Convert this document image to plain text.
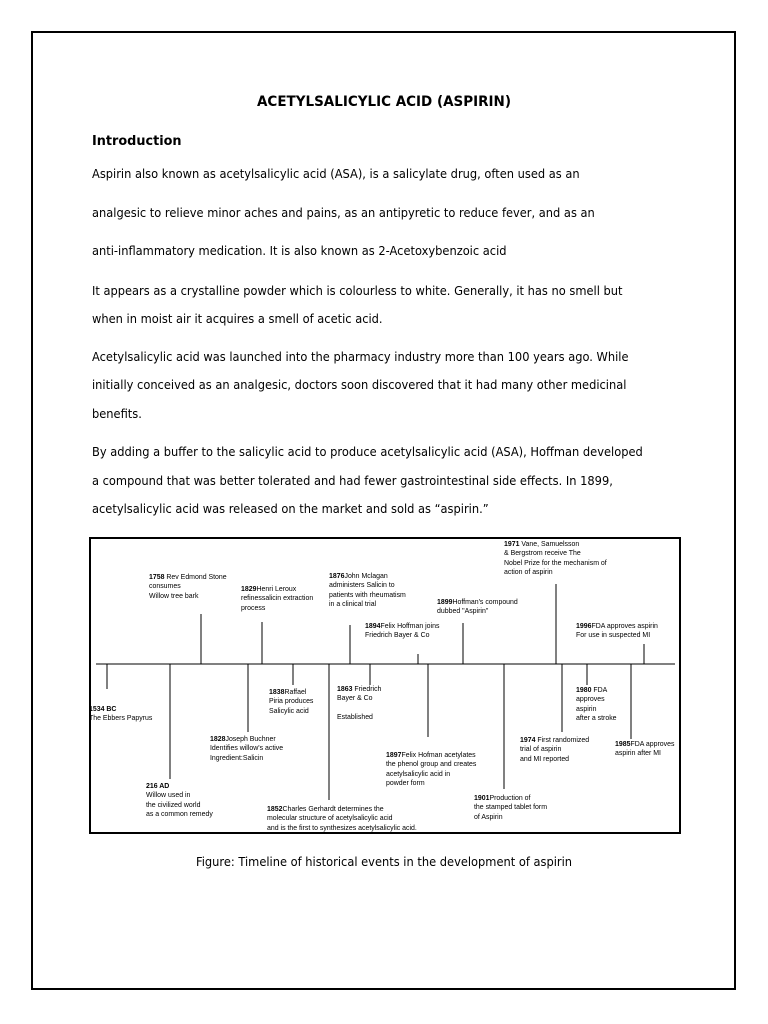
ACETYLSALICYLIC ACID (ASPIRIN)
Introduction
Aspirin also known as acetylsalicylic acid (ASA), is a salicylate drug, often used as an
analgesic to relieve minor aches and pains, as an antipyretic to reduce fever, and as an
anti-inflammatory medication. It is also known as 2-Acetoxybenzoic acid
It appears as a crystalline powder which is colourless to white. Generally, it has no smell but
when in moist air it acquires a smell of acetic acid.
Acetylsalicylic acid was launched into the pharmacy industry more than 100 years ago. While
initially conceived as an analgesic, doctors soon discovered that it had many other medicinal
benefits.
By adding a buffer to the salicylic acid to produce acetylsalicylic acid (ASA), Hoffman developed
a compound that was better tolerated and had fewer gastrointestinal side effects. In 1899,
acetylsalicylic acid was released on the market and sold as “aspirin.”
1534 BC
The Ebbers Papyrus
1758 Rev Edmond Stone
consumes
Willow tree bark
216 AD
Willow used in
the civilized world
as a common remedy
1828Joseph Buchner
Identifies willow's active
Ingredient:Salicin
1829Henri Leroux
refinessalicin extraction
process
1838Raffael
Piria produces
Salicylic acid
1852Charles Gerhardt determines the
molecular structure of acetylsalicylic acid
and is the first to synthesizes acetylsalicylic acid.
1876John Mclagan
administers Salicin to
patients with rheumatism
in a clinical trial
1863 Friedrich
Bayer & Co

Established
1894Felix Hoffman joins
Friedrich Bayer & Co
1897Felix Hofman acetylates
the phenol group and creates
acetylsalicylic acid in
powder form
1899Hoffman's compound
dubbed "Aspirin"
1901Production of
the stamped tablet form
of Aspirin
1971 Vane, Samuelsson
& Bergstrom receive The
Nobel Prize for the mechanism of
action of aspirin
1974 First randomized
trial of aspirin
and MI reported
1980 FDA
approves
aspirin
after a stroke
1985FDA approves
aspirin after MI
1996FDA approves aspirin
For use in suspected MI
Figure: Timeline of historical events in the development of aspirin
